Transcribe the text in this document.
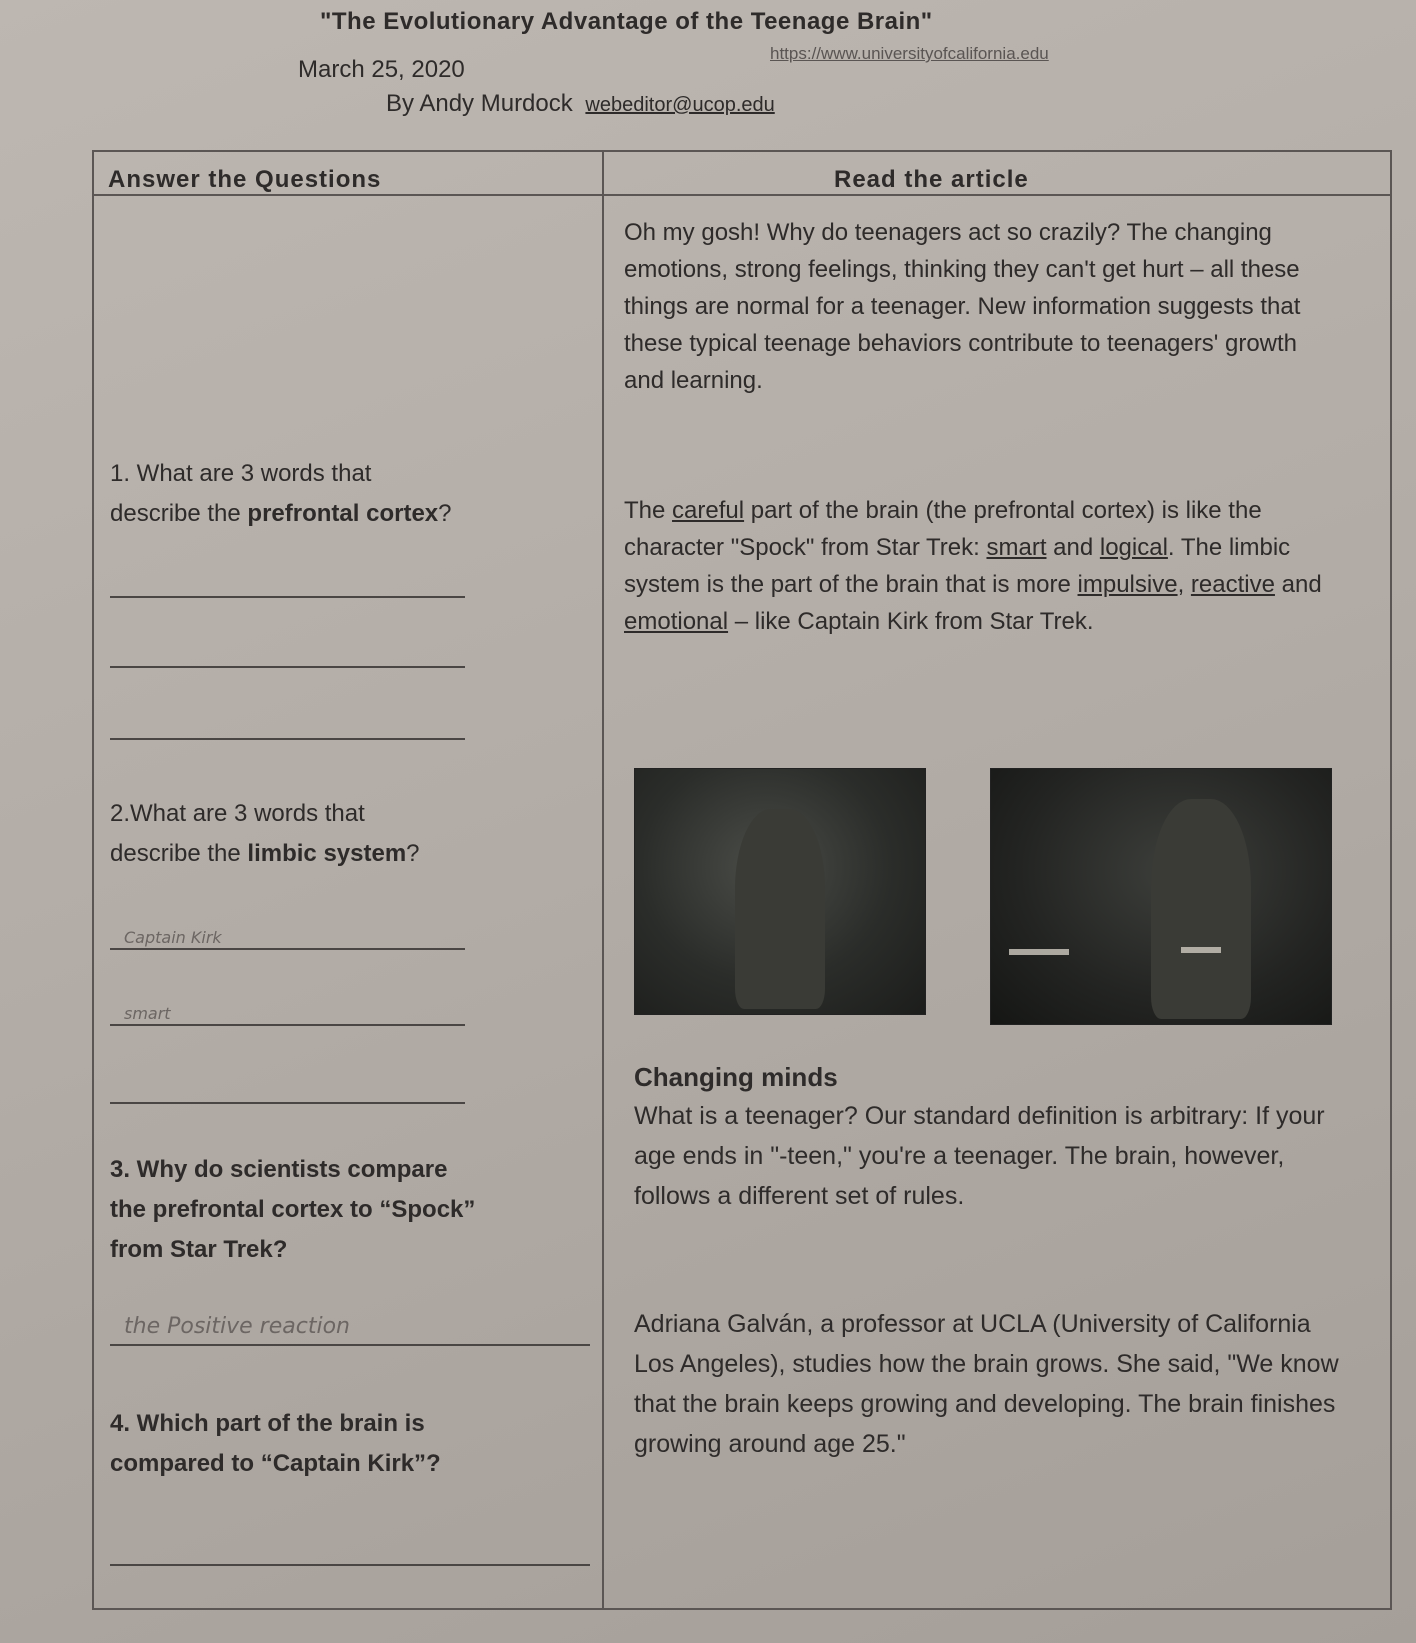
"The Evolutionary Advantage of the Teenage Brain"
March 25, 2020
https://www.universityofcalifornia.edu
By Andy Murdock webeditor@ucop.edu
Answer the Questions	Read the article
1. What are 3 words that
describe the prefrontal cortex?
2.What are 3 words that
describe the limbic system?
Captain Kirk
smart
3. Why do scientists compare
the prefrontal cortex to “Spock”
from Star Trek?
the Positive reaction
4. Which part of the brain is
compared to “Captain Kirk”?
Oh my gosh! Why do teenagers act so crazily? The changing emotions, strong feelings, thinking they can't get hurt – all these things are normal for a teenager. New information suggests that these typical teenage behaviors contribute to teenagers' growth and learning.
The careful part of the brain (the prefrontal cortex) is like the character "Spock" from Star Trek: smart and logical. The limbic system is the part of the brain that is more impulsive, reactive and emotional – like Captain Kirk from Star Trek.
Changing minds
What is a teenager? Our standard definition is arbitrary: If your age ends in "-teen," you're a teenager. The brain, however, follows a different set of rules.
Adriana Galván, a professor at UCLA (University of California Los Angeles), studies how the brain grows. She said, "We know that the brain keeps growing and developing. The brain finishes growing around age 25."
